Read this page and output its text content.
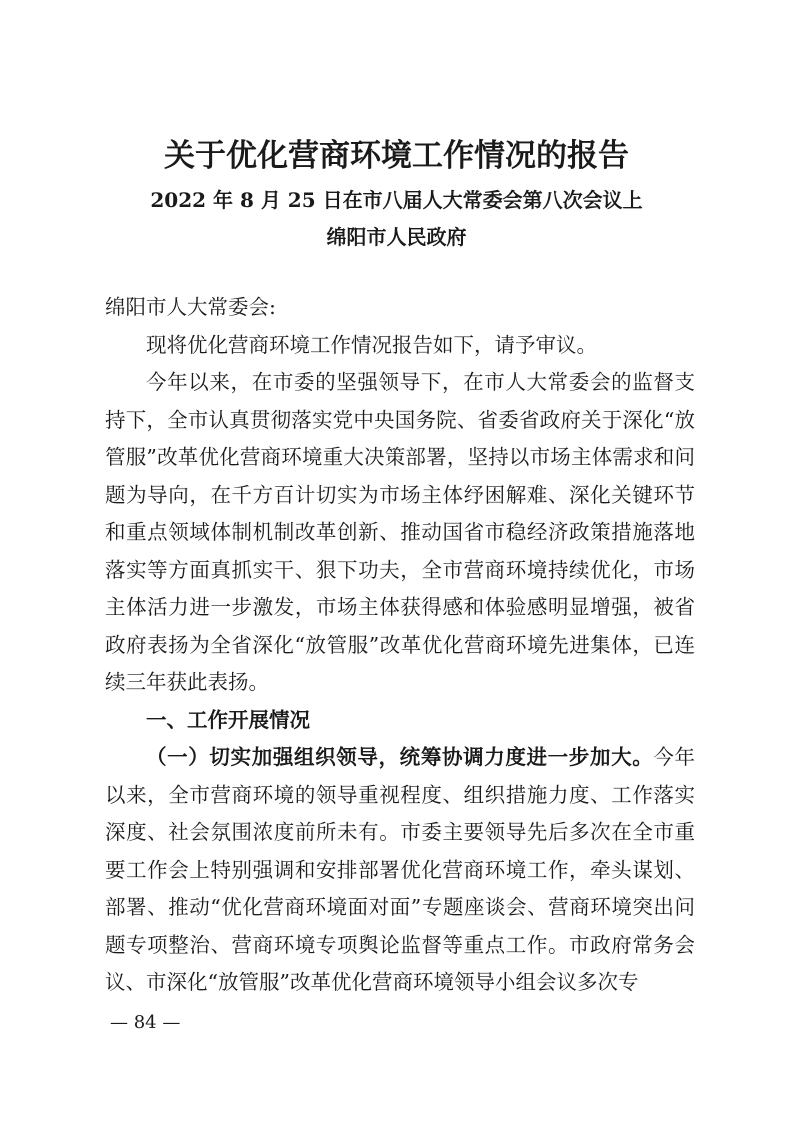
关于优化营商环境工作情况的报告
2022 年 8 月 25 日在市八届人大常委会第八次会议上
绵阳市人民政府

绵阳市人大常委会:

现将优化营商环境工作情况报告如下，请予审议。

今年以来，在市委的坚强领导下，在市人大常委会的监督支持下，全市认真贯彻落实党中央国务院、省委省政府关于深化“放管服”改革优化营商环境重大决策部署，坚持以市场主体需求和问题为导向，在千方百计切实为市场主体纾困解难、深化关键环节和重点领域体制机制改革创新、推动国省市稳经济政策措施落地落实等方面真抓实干、狠下功夫，全市营商环境持续优化，市场主体活力进一步激发，市场主体获得感和体验感明显增强，被省政府表扬为全省深化“放管服”改革优化营商环境先进集体，已连续三年获此表扬。

一、工作开展情况

（一）切实加强组织领导，统筹协调力度进一步加大。今年以来，全市营商环境的领导重视程度、组织措施力度、工作落实深度、社会氛围浓度前所未有。市委主要领导先后多次在全市重要工作会上特别强调和安排部署优化营商环境工作，牵头谋划、部署、推动“优化营商环境面对面”专题座谈会、营商环境突出问题专项整治、营商环境专项舆论监督等重点工作。市政府常务会议、市深化“放管服”改革优化营商环境领导小组会议多次专

— 84 —
